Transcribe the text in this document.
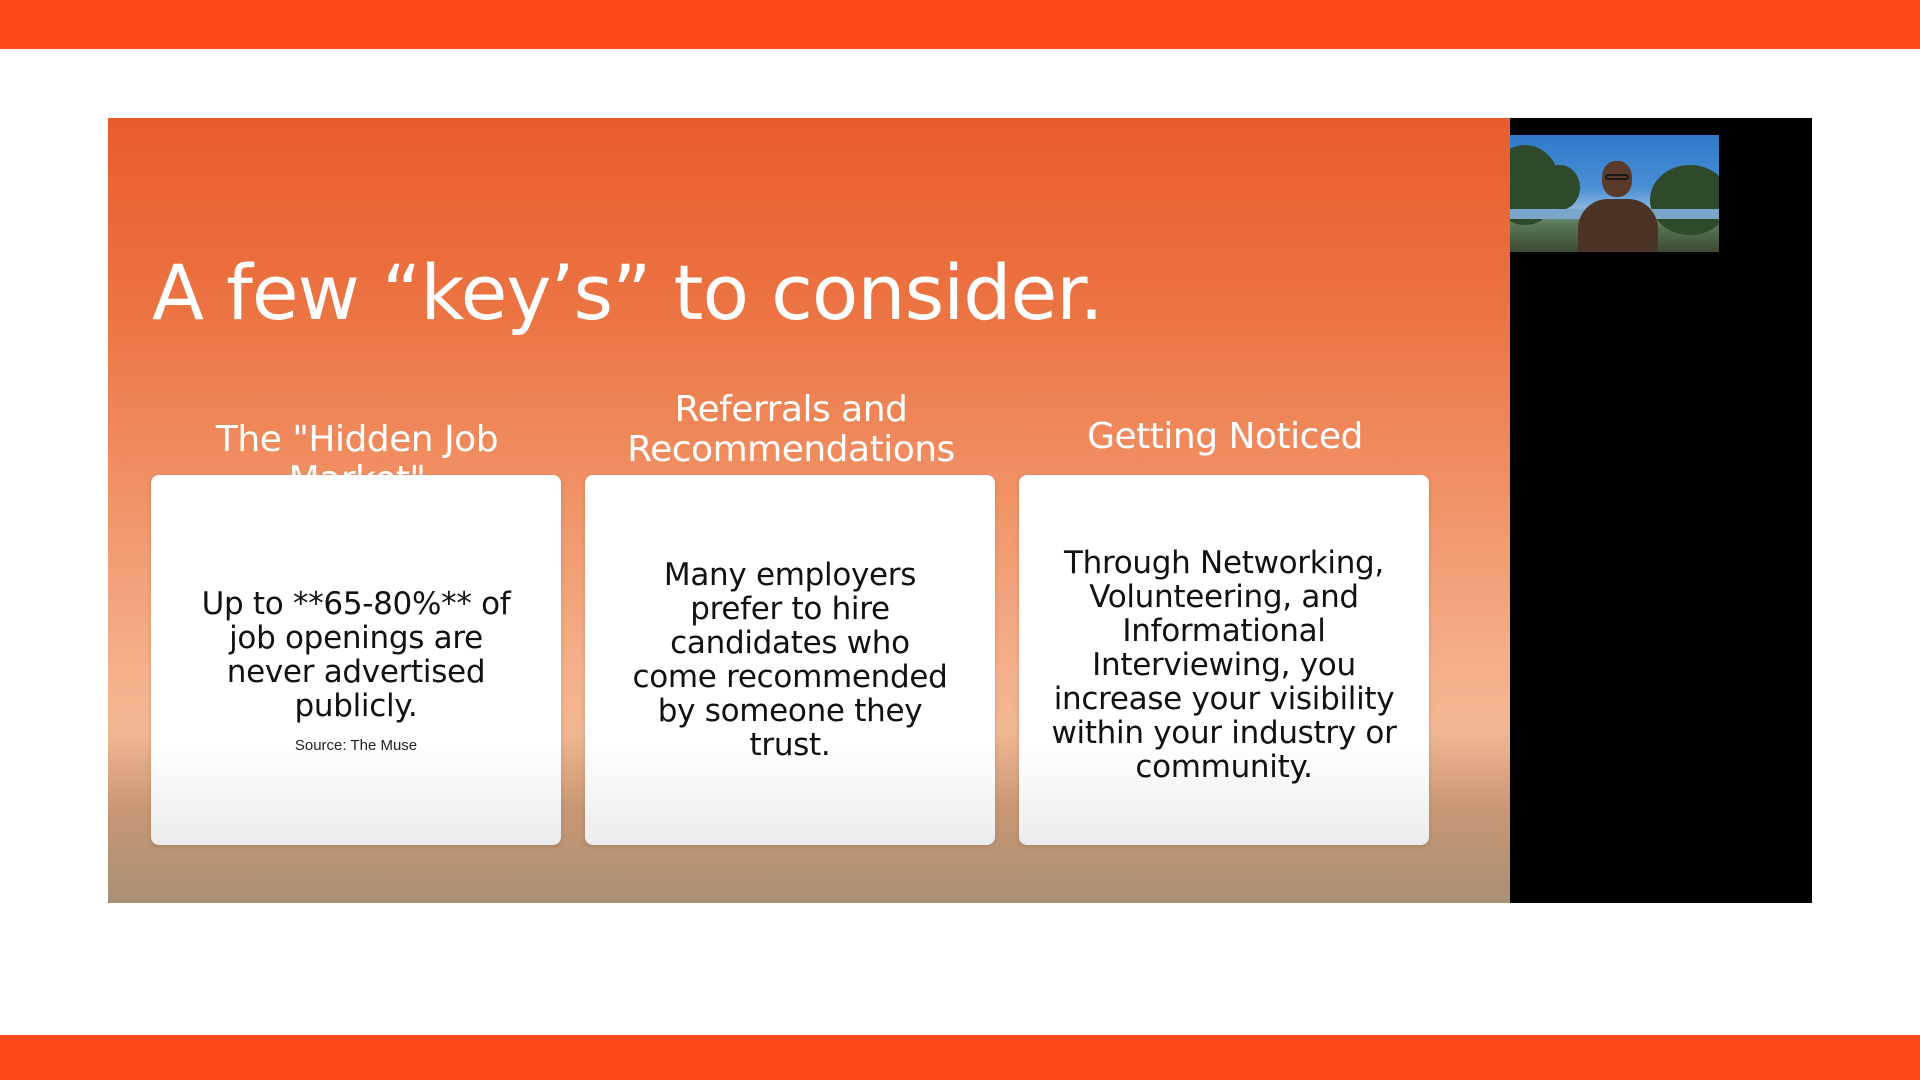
A few “key’s” to consider.
The "Hidden Job
Referrals and Recommendations	Getting Noticed
Up to **65-80%** of job openings are never advertised publicly.
Source: The Muse
Many employers prefer to hire candidates who come recommended by someone they trust.
Through Networking, Volunteering, and Informational Interviewing, you increase your visibility within your industry or community.
